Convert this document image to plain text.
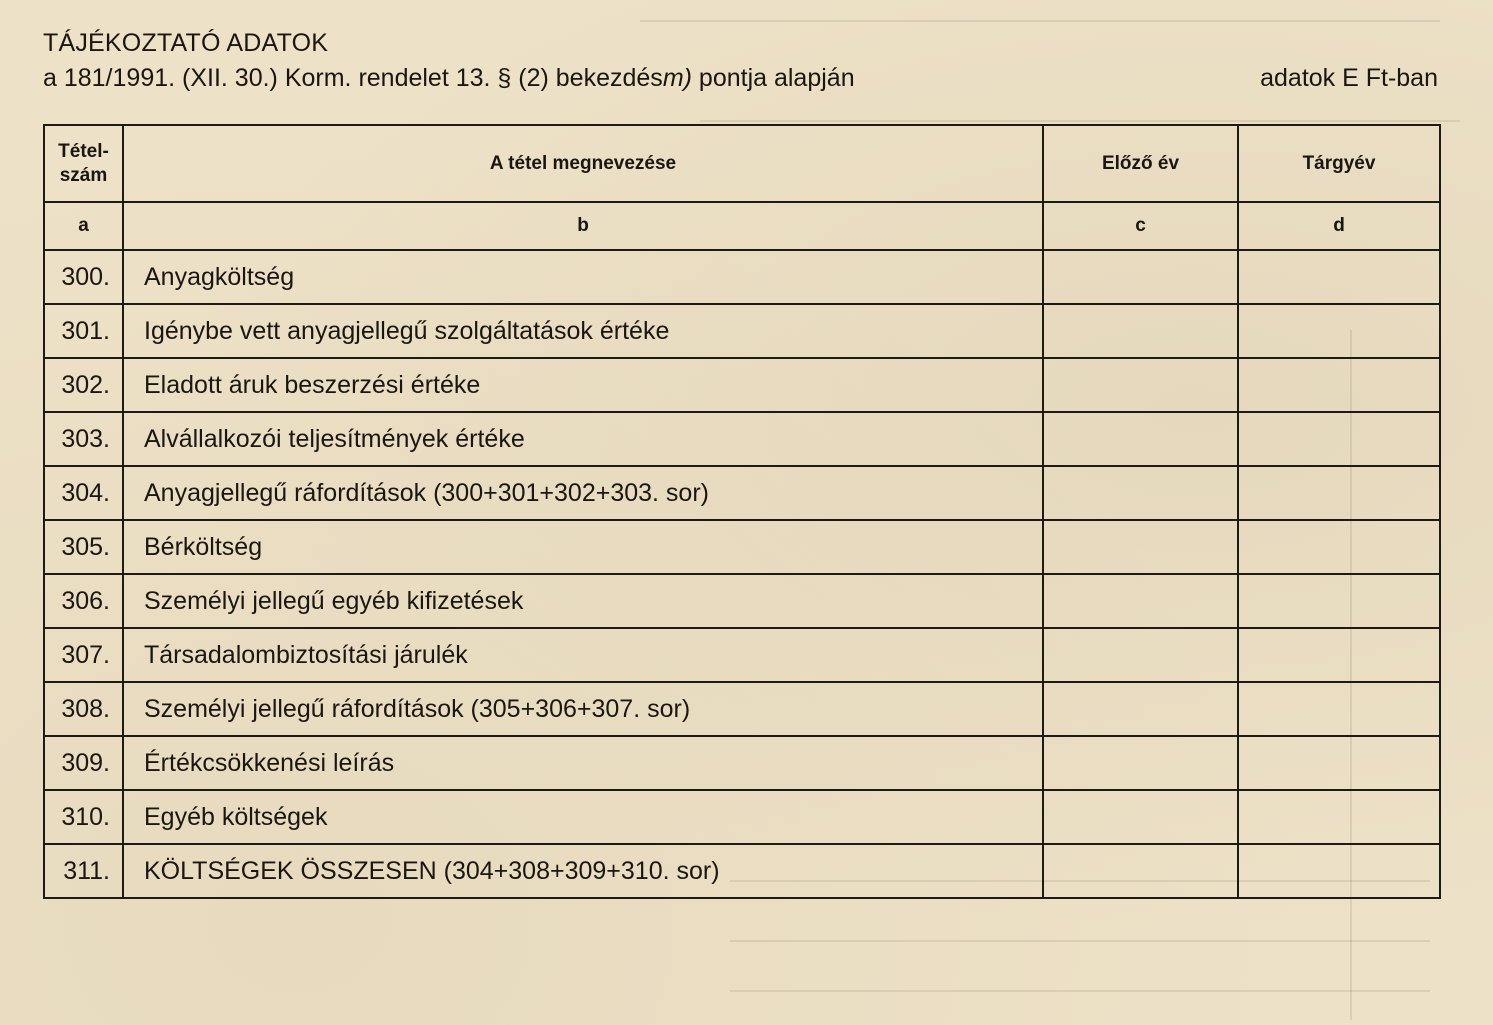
TÁJÉKOZTATÓ ADATOK
a 181/1991. (XII. 30.) Korm. rendelet 13. § (2) bekezdésm) pontja alapján	adatok E Ft-ban
Tétel-
szám	A tétel megnevezése	Előző év	Tárgyév
a	b	c	d
300.	Anyagköltség		
301.	Igénybe vett anyagjellegű szolgáltatások értéke		
302.	Eladott áruk beszerzési értéke		
303.	Alvállalkozói teljesítmények értéke		
304.	Anyagjellegű ráfordítások (300+301+302+303. sor)		
305.	Bérköltség		
306.	Személyi jellegű egyéb kifizetések		
307.	Társadalombiztosítási járulék		
308.	Személyi jellegű ráfordítások (305+306+307. sor)		
309.	Értékcsökkenési leírás		
310.	Egyéb költségek		
311.	KÖLTSÉGEK ÖSSZESEN (304+308+309+310. sor)		
